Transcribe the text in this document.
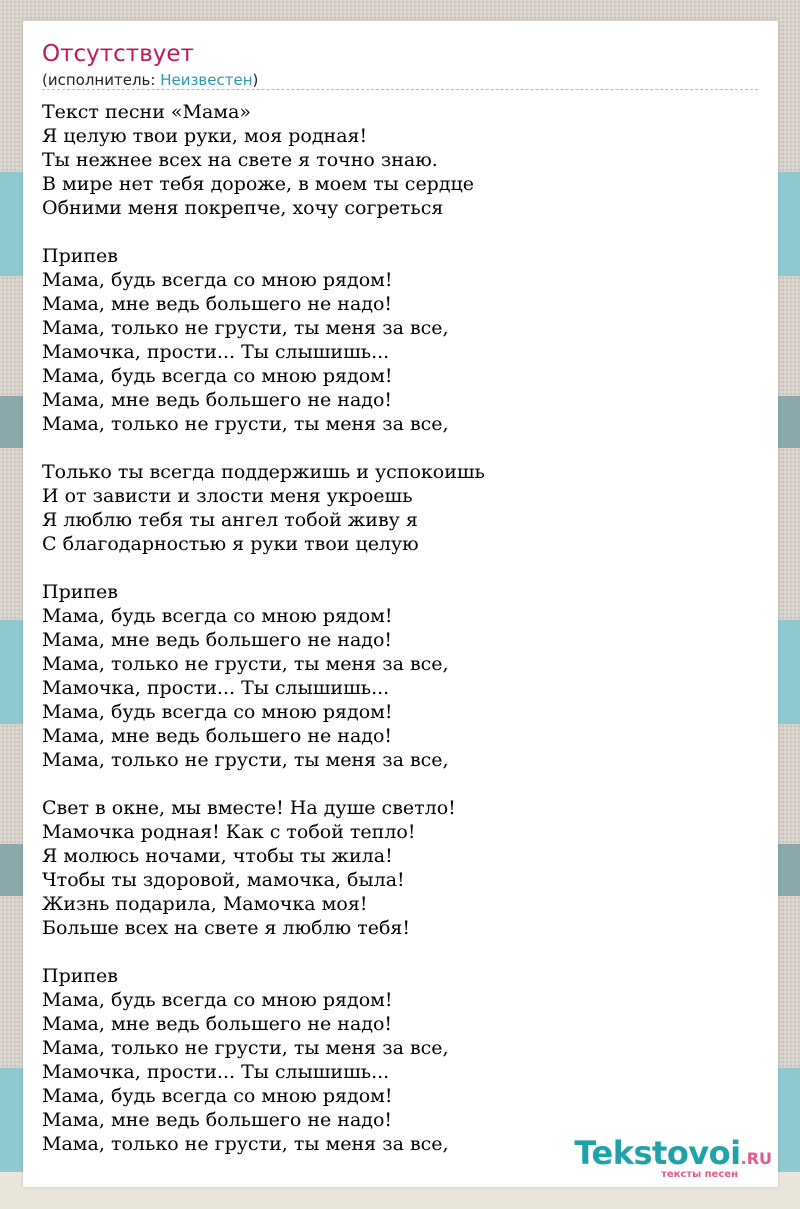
Отсутствует
(исполнитель: Неизвестен)
Текст песни «Мама»
Я целую твои руки, моя родная!
Ты нежнее всех на свете я точно знаю.
В мире нет тебя дороже, в моем ты сердце
Обними меня покрепче, хочу согреться
Припев
Мама, будь всегда со мною рядом!
Мама, мне ведь большего не надо!
Мама, только не грусти, ты меня за все,
Мамочка, прости... Ты слышишь...
Мама, будь всегда со мною рядом!
Мама, мне ведь большего не надо!
Мама, только не грусти, ты меня за все,
Только ты всегда поддержишь и успокоишь
И от зависти и злости меня укроешь
Я люблю тебя ты ангел тобой живу я
С благодарностью я руки твои целую
Припев
Мама, будь всегда со мною рядом!
Мама, мне ведь большего не надо!
Мама, только не грусти, ты меня за все,
Мамочка, прости... Ты слышишь...
Мама, будь всегда со мною рядом!
Мама, мне ведь большего не надо!
Мама, только не грусти, ты меня за все,
Свет в окне, мы вместе! На душе светло!
Мамочка родная! Как с тобой тепло!
Я молюсь ночами, чтобы ты жила!
Чтобы ты здоровой, мамочка, была!
Жизнь подарила, Мамочка моя!
Больше всех на свете я люблю тебя!
Припев
Мама, будь всегда со мною рядом!
Мама, мне ведь большего не надо!
Мама, только не грусти, ты меня за все,
Мамочка, прости... Ты слышишь...
Мама, будь всегда со мною рядом!
Мама, мне ведь большего не надо!
Мама, только не грусти, ты меня за все,	Tekstovoi.RU
тексты песен
